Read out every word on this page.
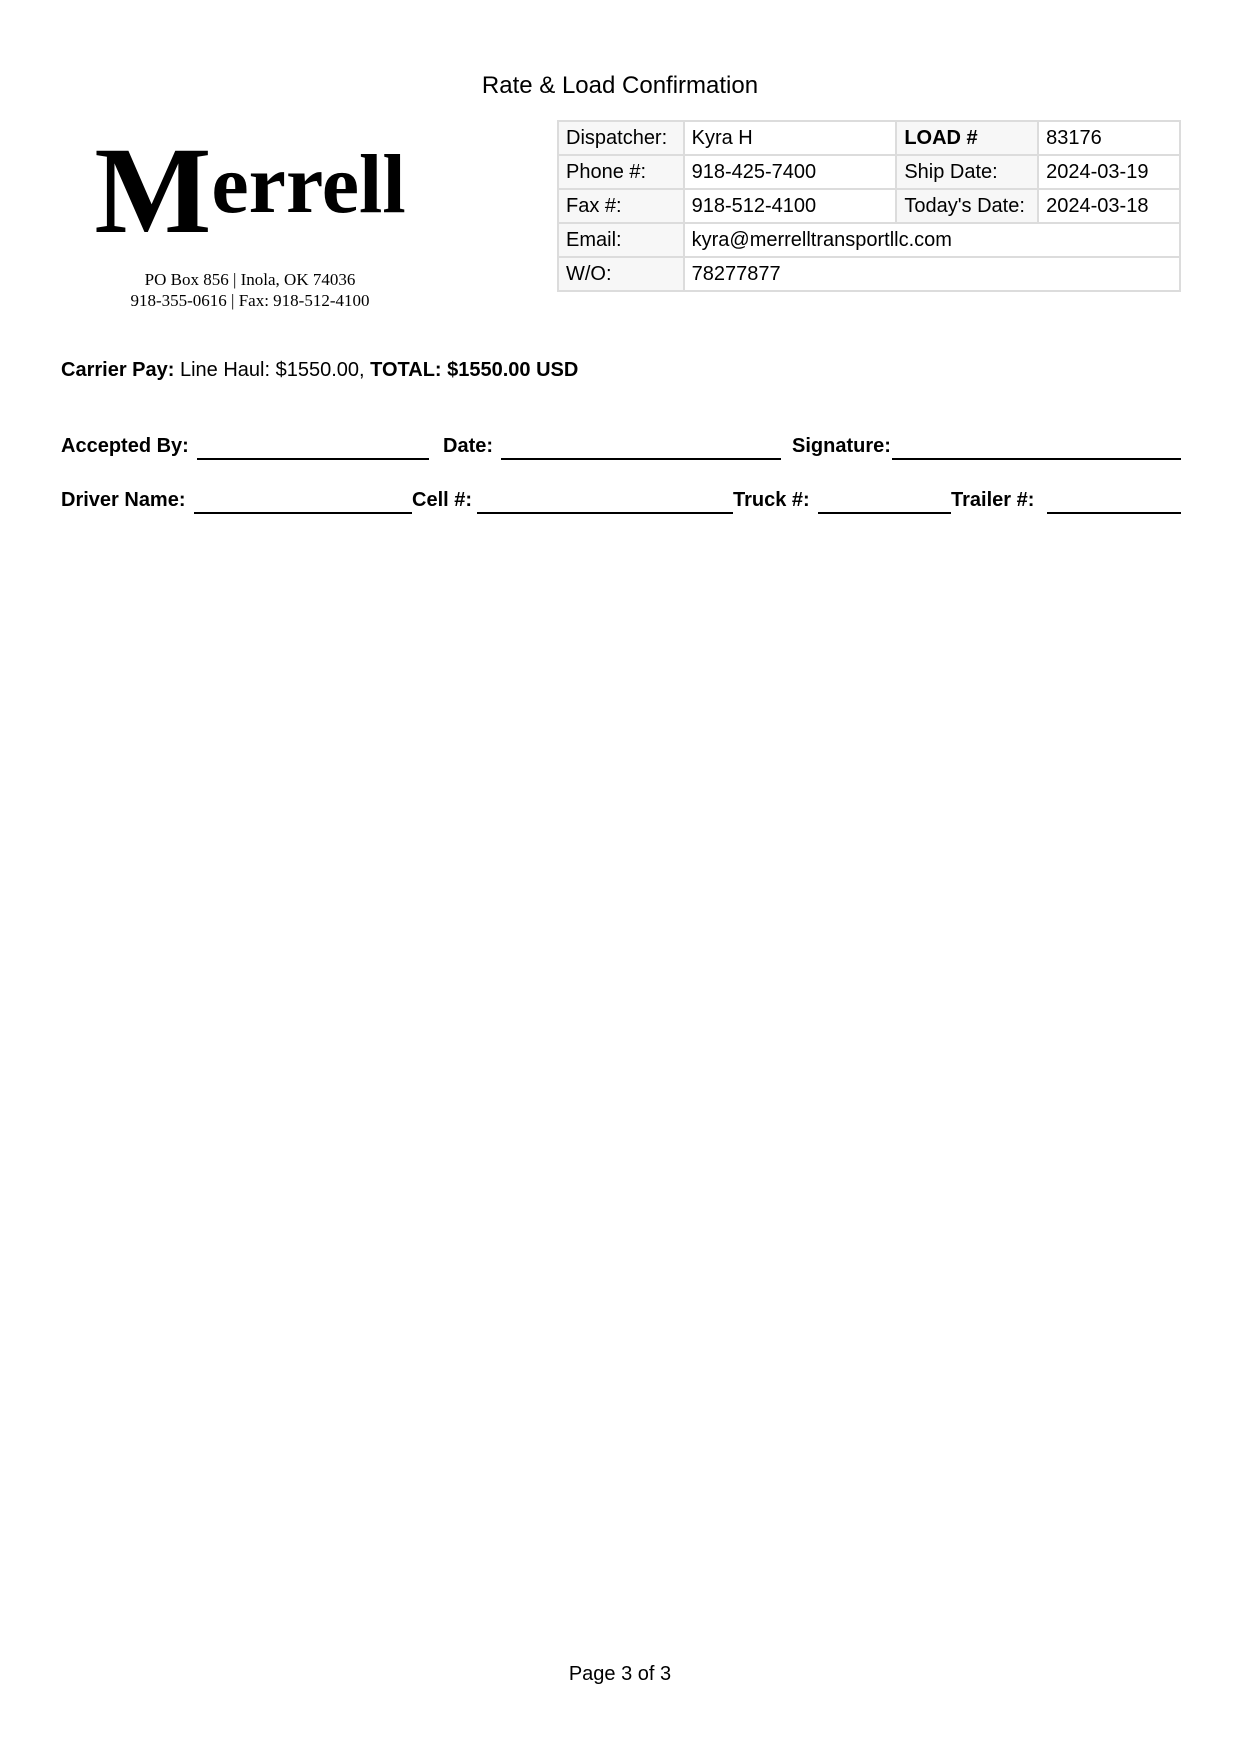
Rate & Load Confirmation
Merrell
PO Box 856 | Inola, OK 74036
918-355-0616 | Fax: 918-512-4100
Dispatcher:	Kyra H	LOAD #	83176
Phone #:	918-425-7400	Ship Date:	2024-03-19
Fax #:	918-512-4100	Today's Date:	2024-03-18
Email:	kyra@merrelltransportllc.com		
W/O:	78277877		
Carrier Pay: Line Haul: $1550.00, TOTAL: $1550.00 USD
Accepted By:	Date:	Signature:
Driver Name:	Cell #:	Truck #:	Trailer #:
Page 3 of 3
